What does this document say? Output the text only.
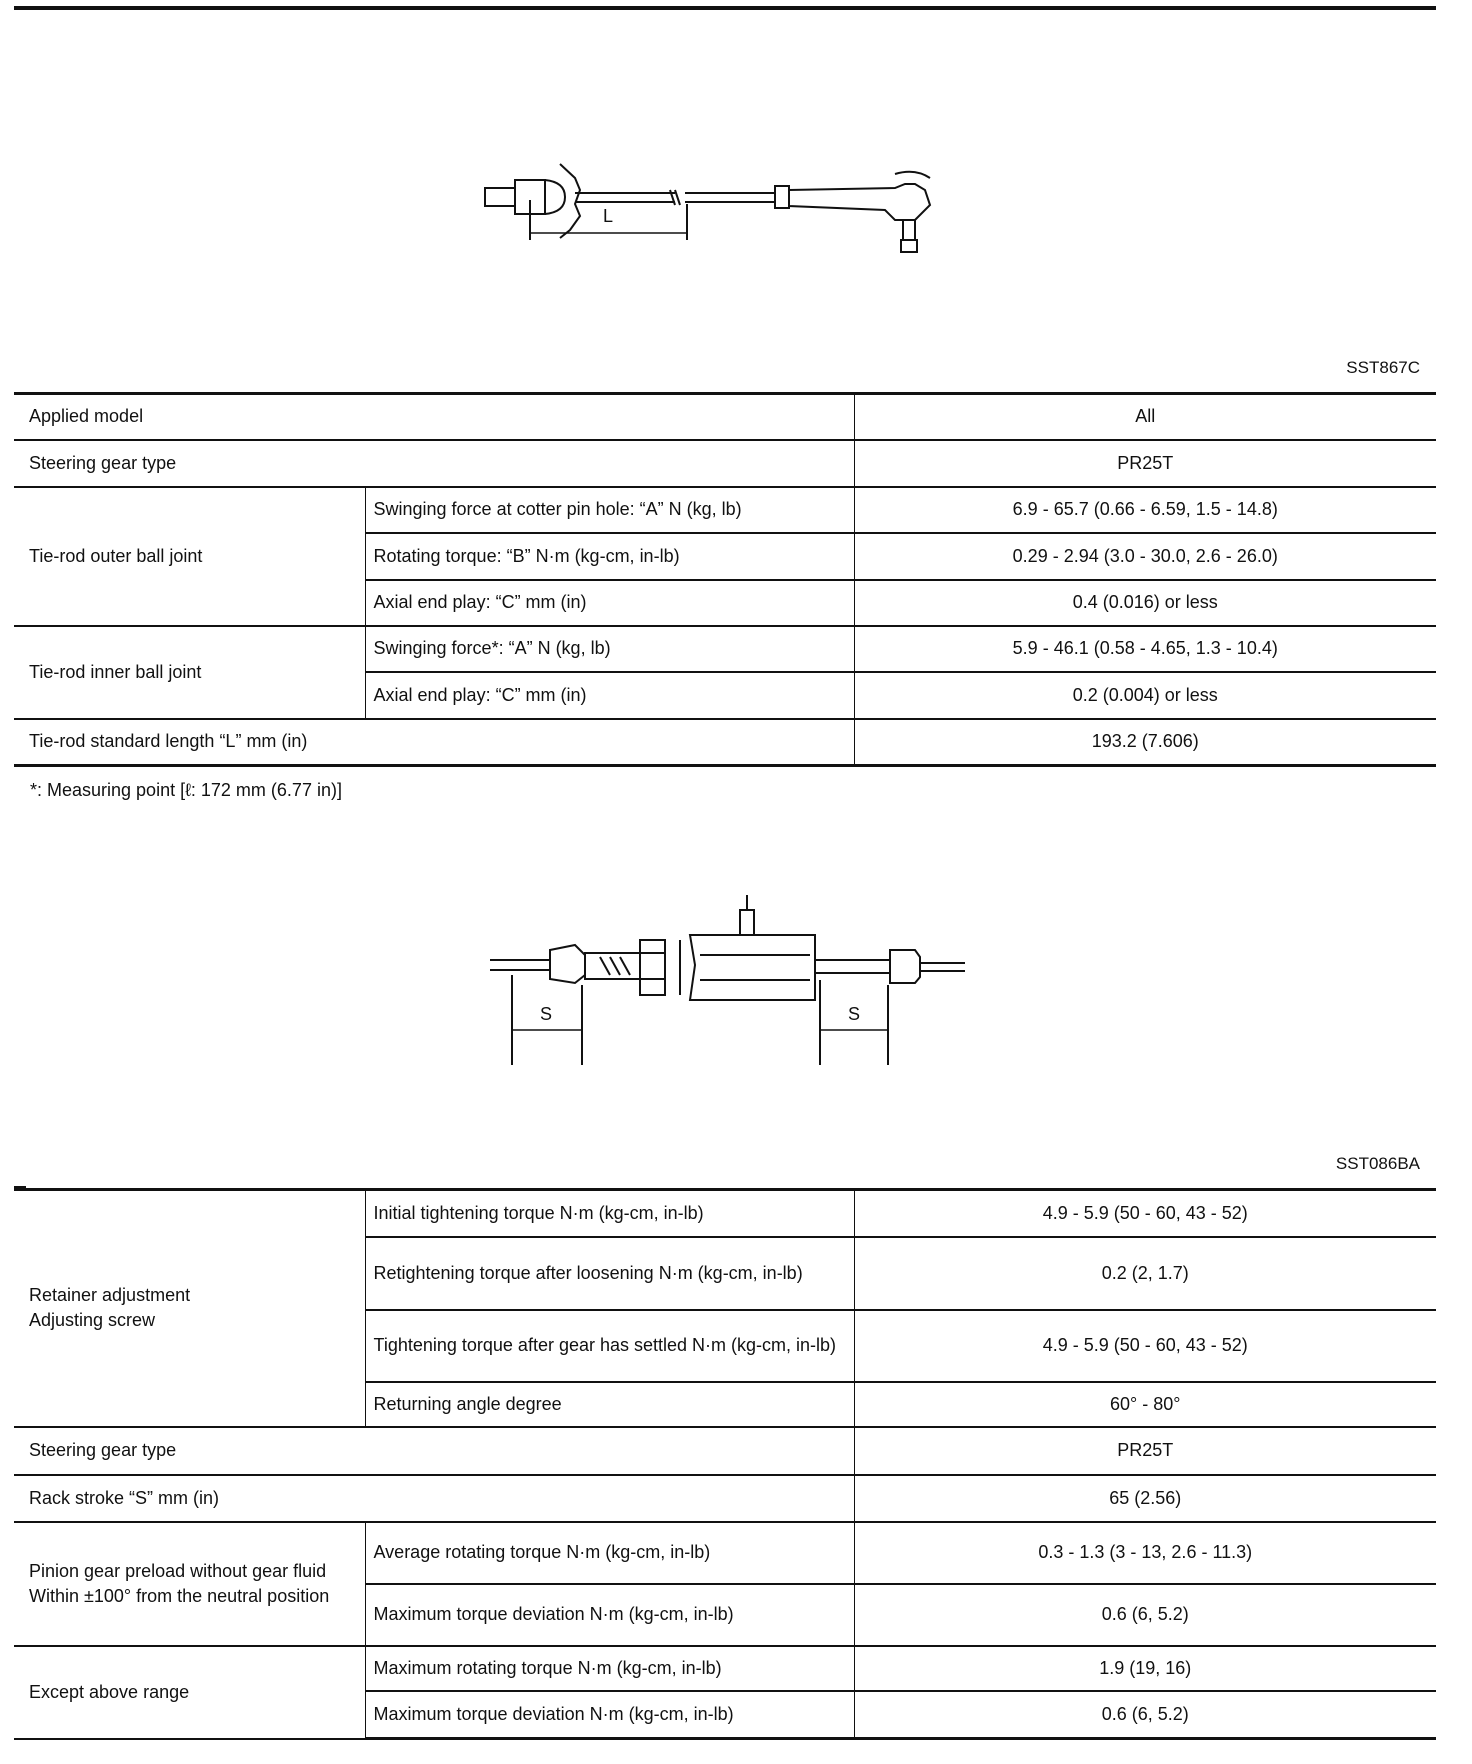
L
SST867C
Applied model		All
Steering gear type		PR25T
Tie-rod outer ball joint	Swinging force at cotter pin hole: “A” N (kg, lb)	6.9 - 65.7 (0.66 - 6.59, 1.5 - 14.8)
	Rotating torque: “B” N·m (kg-cm, in-lb)	0.29 - 2.94 (3.0 - 30.0, 2.6 - 26.0)
	Axial end play: “C” mm (in)	0.4 (0.016) or less
Tie-rod inner ball joint	Swinging force*: “A” N (kg, lb)	5.9 - 46.1 (0.58 - 4.65, 1.3 - 10.4)
	Axial end play: “C” mm (in)	0.2 (0.004) or less
Tie-rod standard length “L” mm (in)		193.2 (7.606)
*: Measuring point [ℓ: 172 mm (6.77 in)]
S	S
SST086BA
Retainer adjustment
Adjusting screw	Initial tightening torque N·m (kg-cm, in-lb)	4.9 - 5.9 (50 - 60, 43 - 52)
	Retightening torque after loosening N·m (kg-cm, in-lb)	0.2 (2, 1.7)
	Tightening torque after gear has settled N·m (kg-cm, in-lb)	4.9 - 5.9 (50 - 60, 43 - 52)
	Returning angle degree	60° - 80°
Steering gear type		PR25T
Rack stroke “S” mm (in)		65 (2.56)
Pinion gear preload without gear fluid
Within ±100° from the neutral position	Average rotating torque N·m (kg-cm, in-lb)	0.3 - 1.3 (3 - 13, 2.6 - 11.3)
	Maximum torque deviation N·m (kg-cm, in-lb)	0.6 (6, 5.2)
Except above range	Maximum rotating torque N·m (kg-cm, in-lb)	1.9 (19, 16)
	Maximum torque deviation N·m (kg-cm, in-lb)	0.6 (6, 5.2)
